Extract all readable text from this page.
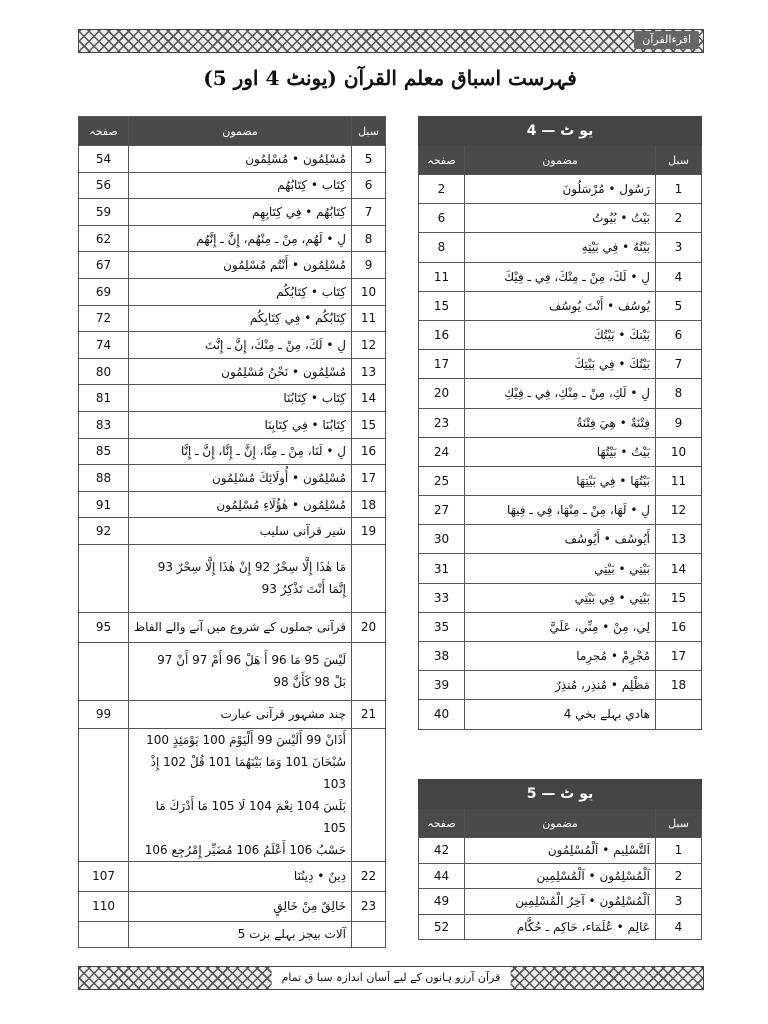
اقرءالقرآن
فہرست اسباق معلم القرآن (یونٹ 4 اور 5)
یو ٹ — 4		
سبل	مضمون	صفحہ
1	رَسُول • مُرْسَلُونَ	2
2	بَيْتُ • بُيُوتُ	6
3	بَيْتُهُ • فِي بَيْتِهِ	8
4	لِ • لَكَ، مِنْ ـ مِنْكَ، فِي ـ فِيْكَ	11
5	يُوسُف • أَنْتَ يُوسُف	15
6	بَيْتكَ • بَيْتُكَ	16
7	بَيْتُكَ • فِي بَيْتِكَ	17
8	لِ • لَكِ، مِنْ ـ مِنْكِ، فِي ـ فِيْكِ	20
9	فِتْنَةٌ • هِيَ فِتْنَةٌ	23
10	بَيْتُ • بَيْتُهَا	24
11	بَيْتُهَا • فِي بَيْتِهَا	25
12	لِ • لَهَا، مِنْ ـ مِنْهَا، فِي ـ فِيهَا	27
13	أَيُوسُف • أَيُوسُف	30
14	بَيْتِي • بَيْتِي	31
15	بَيْتِي • فِي بَيْتِي	33
16	لِي، مِنْ • مِنِّي، عَلَيَّ	35
17	مُجْرِمْ • مُجرِما	38
18	مَظْلِم • مُنذِر، مُنذِرٌ	39
	هادي بہلے بخي 4	40
یو ٹ — 5		
سبل	مضمون	صفحہ
1	اَلتَّسْلِيم • اَلْمُسْلِمُون	42
2	اَلْمُسْلِمُون • اَلْمُسْلِمِين	44
3	اَلْمُسْلِمُون • آخِرُ الْمُسْلِمِين	49
4	عَالِم • عُلَمَاء، حَاكِم ـ حُكَّام	52
سبل	مضمون	صفحہ
5	مُسْلِمُون • مُسْلِمُون	54
6	كِتَاب • كِتَابُهُم	56
7	كِتَابُهُم • فِي كِتَابِهِم	59
8	لِ • لَهُم، مِنْ ـ مِنْهُم، إِنَّ ـ إِنَّهُم	62
9	مُسْلِمُون • أَنْتُم مُسْلِمُون	67
10	كِتَاب • كِتَابُكُم	69
11	كِتَابُكُم • فِي كِتَابِكُم	72
12	لِ • لَكَ، مِنْ ـ مِنْكَ، إِنَّ ـ إِنَّتَ	74
13	مُسْلِمُون • نَحْنُ مُسْلِمُون	80
14	كِتَاب • كِتَابُنَا	81
15	كِتَابُنَا • فِي كِتَابِنَا	83
16	لِ • لَنَا، مِنْ ـ مِنَّا، إِنَّ ـ إِنَّا، إِنَّ ـ إِنَّا	85
17	مُسْلِمُون • أُولَائِكَ مُسْلِمُون	88
18	مُسْلِمُون • هٰؤُلَاءِ مُسْلِمُون	91
19	شیر قرآنی سلیب	92

	مَا هٰذَا إِلَّا سِحْرٌ 92 إِنْ هٰذَا إِلَّا سِحْرٌ 93
إِنَّمَا أَنْتَ تَذْكِرُ 93	

20	قرآنی جملوں کے شروع میں آنے والے الفاظ	95

	لَيْسَ 95 مَا 96 أَ هَلْ 96 أَمْ 97 أَنْ 97
بَلْ 98 كَأَنَّ 98	

21	چند مشہور قرآنی عبارت	99

	أَذَانْ 99 أَلَيْسَ 99 أَلْيَوْمَ 100 يَوْمَئِذٍ 100
سُبْحَانَ 101 وَمَا بَيْنَهُمَا 101 قُلْ 102 إِذْ 103
بَلَسَ 104 نِعْمَ 104 لَا 105 مَا أَدْرَكَ مَا 105
حَسْبُ 106 أَعْلَمُ 106 مُضَيِّر إِمْرُجِع 106	

22	دِينٌ • دِينُنَا	107
23	خَالِقٌ مِنْ خَالِقٍ	110
	آلات بیجز بہلے بزت 5	
قرآن آرزو ہانوں کے لیے آسان اندازہ سبا ق تمام
